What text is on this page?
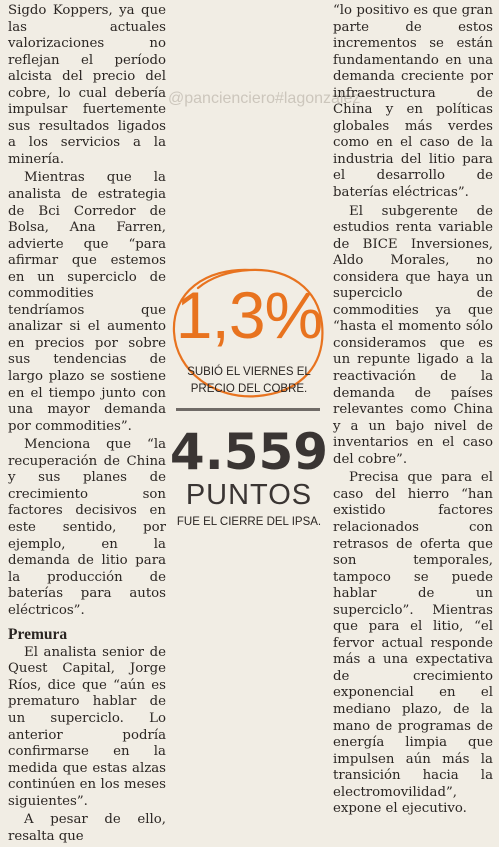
@pancienciero#lagonzalez

Sigdo Koppers, ya que las actuales valorizaciones no reflejan el período alcista del precio del cobre, lo cual debería impulsar fuertemente sus resultados ligados a los servicios a la minería.

Mientras que la analista de estrategia de Bci Corredor de Bolsa, Ana Farren, advierte que “para afirmar que estemos en un superciclo de commodities tendríamos que analizar si el aumento en precios por sobre sus tendencias de largo plazo se sostiene en el tiempo junto con una mayor demanda por commodities”.

Menciona que “la recuperación de China y sus planes de crecimiento son factores decisivos en este sentido, por ejemplo, en la demanda de litio para la producción de baterías para autos eléctricos”.

Premura

El analista senior de Quest Capital, Jorge Ríos, dice que “aún es prematuro hablar de un superciclo. Lo anterior podría confirmarse en la medida que estas alzas continúen en los meses siguientes”.

A pesar de ello, resalta que

1,3%
SUBIÓ EL VIERNES EL PRECIO DEL COBRE.
4.559
PUNTOS
FUE EL CIERRE DEL IPSA.

“lo positivo es que gran parte de estos incrementos se están fundamentando en una demanda creciente por infraestructura de China y en políticas globales más verdes como en el caso de la industria del litio para el desarrollo de baterías eléctricas”.

El subgerente de estudios renta variable de BICE Inversiones, Aldo Morales, no considera que haya un superciclo de commodities ya que “hasta el momento sólo consideramos que es un repunte ligado a la reactivación de la demanda de países relevantes como China y a un bajo nivel de inventarios en el caso del cobre”.

Precisa que para el caso del hierro “han existido factores relacionados con retrasos de oferta que son temporales, tampoco se puede hablar de un superciclo”. Mientras que para el litio, “el fervor actual responde más a una expectativa de crecimiento exponencial en el mediano plazo, de la mano de programas de energía limpia que impulsen aún más la transición hacia la electromovilidad”, expone el ejecutivo.
